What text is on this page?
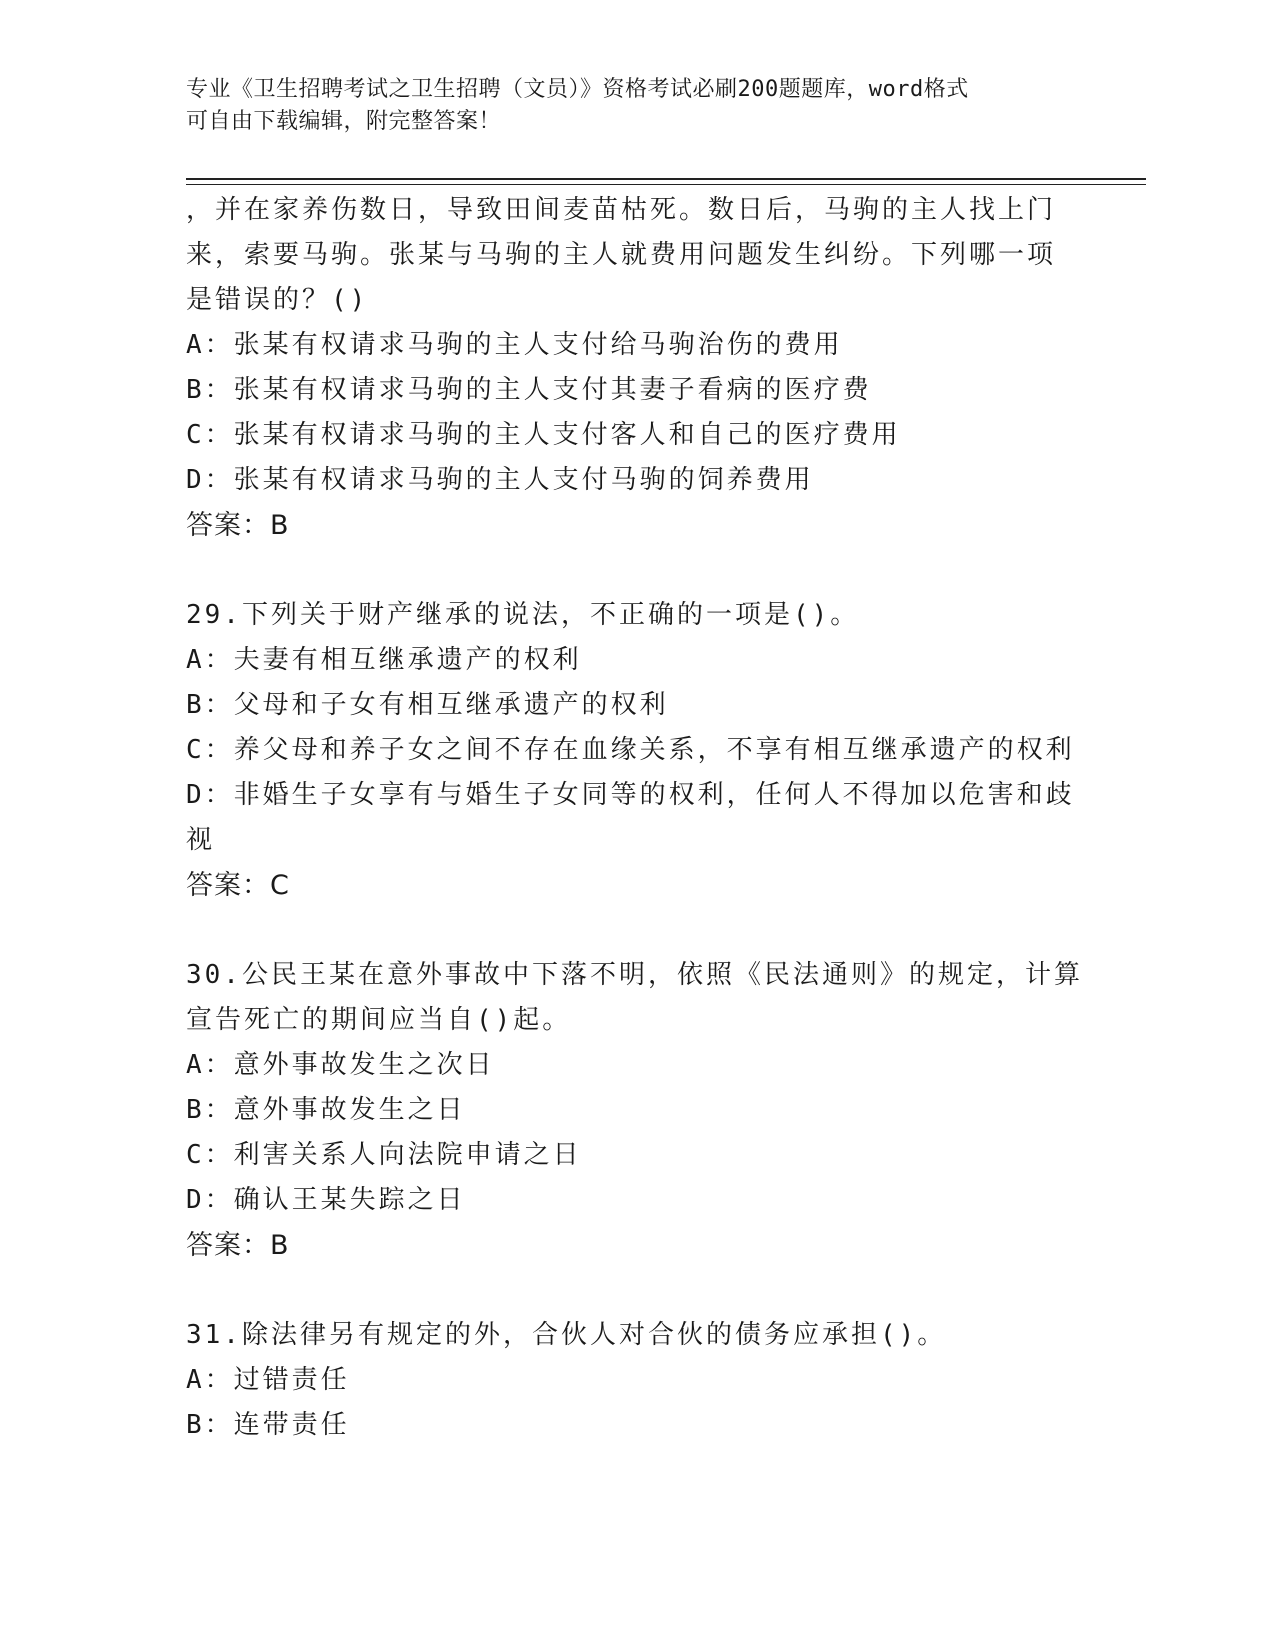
专业《卫生招聘考试之卫生招聘（文员）》资格考试必刷200题题库，word格式
可自由下载编辑，附完整答案！
，并在家养伤数日，导致田间麦苗枯死。数日后，马驹的主人找上门
来，索要马驹。张某与马驹的主人就费用问题发生纠纷。下列哪一项
是错误的？()
A：张某有权请求马驹的主人支付给马驹治伤的费用
B：张某有权请求马驹的主人支付其妻子看病的医疗费
C：张某有权请求马驹的主人支付客人和自己的医疗费用
D：张某有权请求马驹的主人支付马驹的饲养费用
答案：B
29.下列关于财产继承的说法，不正确的一项是()。
A：夫妻有相互继承遗产的权利
B：父母和子女有相互继承遗产的权利
C：养父母和养子女之间不存在血缘关系，不享有相互继承遗产的权利
D：非婚生子女享有与婚生子女同等的权利，任何人不得加以危害和歧
视
答案：C
30.公民王某在意外事故中下落不明，依照《民法通则》的规定，计算
宣告死亡的期间应当自()起。
A：意外事故发生之次日
B：意外事故发生之日
C：利害关系人向法院申请之日
D：确认王某失踪之日
答案：B
31.除法律另有规定的外，合伙人对合伙的债务应承担()。
A：过错责任
B：连带责任
